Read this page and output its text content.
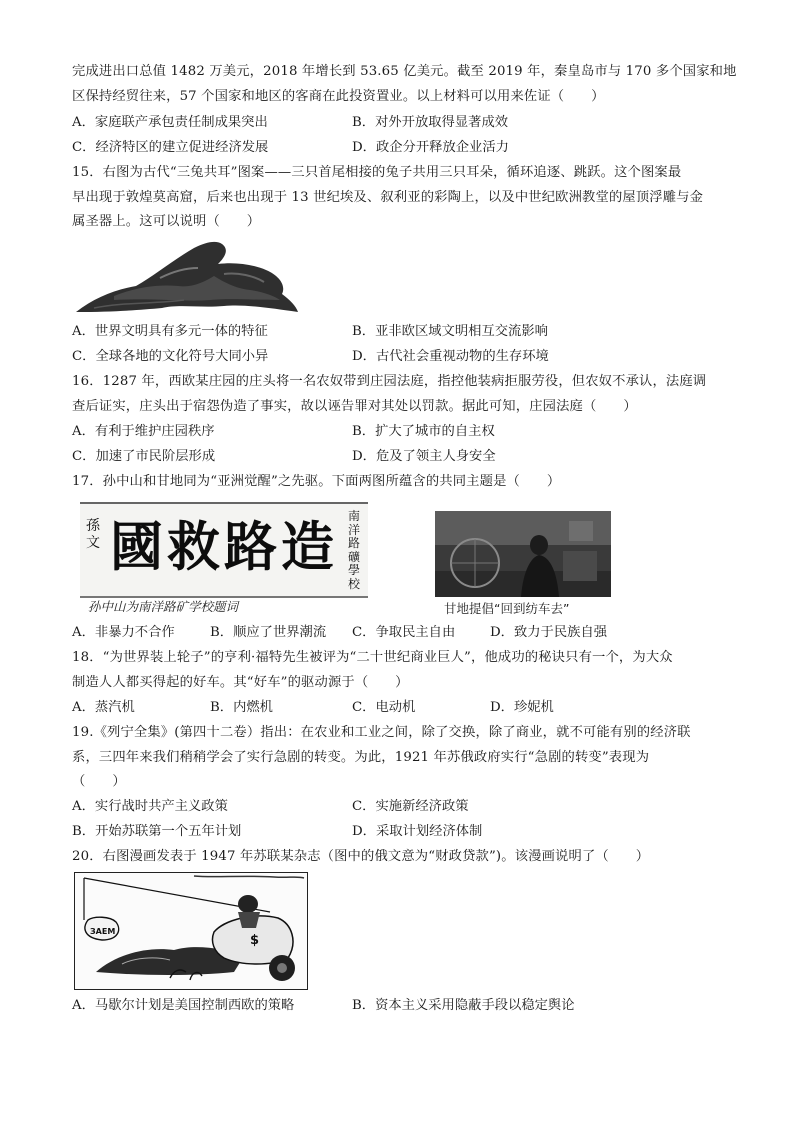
完成进出口总值 1482 万美元，2018 年增长到 53.65 亿美元。截至 2019 年，秦皇岛市与 170 多个国家和地
区保持经贸往来，57 个国家和地区的客商在此投资置业。以上材料可以用来佐证（　　）
A．家庭联产承包责任制成果突出	B．对外开放取得显著成效
C．经济特区的建立促进经济发展	D．政企分开释放企业活力
15．右图为古代“三兔共耳”图案——三只首尾相接的兔子共用三只耳朵，循环追逐、跳跃。这个图案最
早出现于敦煌莫高窟，后来也出现于 13 世纪埃及、叙利亚的彩陶上，以及中世纪欧洲教堂的屋顶浮雕与金
属圣器上。这可以说明（　　）
A．世界文明具有多元一体的特征	B．亚非欧区域文明相互交流影响
C．全球各地的文化符号大同小异	D．古代社会重视动物的生存环境
16．1287 年，西欧某庄园的庄头将一名农奴带到庄园法庭，指控他装病拒服劳役，但农奴不承认，法庭调
查后证实，庄头出于宿怨伪造了事实，故以诬告罪对其处以罚款。据此可知，庄园法庭（　　）
A．有利于维护庄园秩序	B．扩大了城市的自主权
C．加速了市民阶层形成	D．危及了领主人身安全
17．孙中山和甘地同为“亚洲觉醒”之先驱。下面两图所蕴含的共同主题是（　　）
孫文 國救路造 南洋路礦學校
孙中山为南洋路矿学校题词	甘地提倡“回到纺车去”
A．非暴力不合作	B．顺应了世界潮流 C．争取民主自由	D．致力于民族自强
18．“为世界装上轮子”的亨利·福特先生被评为“二十世纪商业巨人”，他成功的秘诀只有一个，为大众
制造人人都买得起的好车。其“好车”的驱动源于（　　）
A．蒸汽机	B．内燃机	C．电动机	D．珍妮机
19.《列宁全集》(第四十二卷）指出：在农业和工业之间，除了交换，除了商业，就不可能有别的经济联
系，三四年来我们稍稍学会了实行急剧的转变。为此，1921 年苏俄政府实行“急剧的转变”表现为
（　　）
A．实行战时共产主义政策	C．实施新经济政策
B．开始苏联第一个五年计划	D．采取计划经济体制
20．右图漫画发表于 1947 年苏联某杂志（图中的俄文意为“财政贷款”)。该漫画说明了（　　）
ЗАЕМ
$
A．马歇尔计划是美国控制西欧的策略	B．资本主义采用隐蔽手段以稳定舆论
